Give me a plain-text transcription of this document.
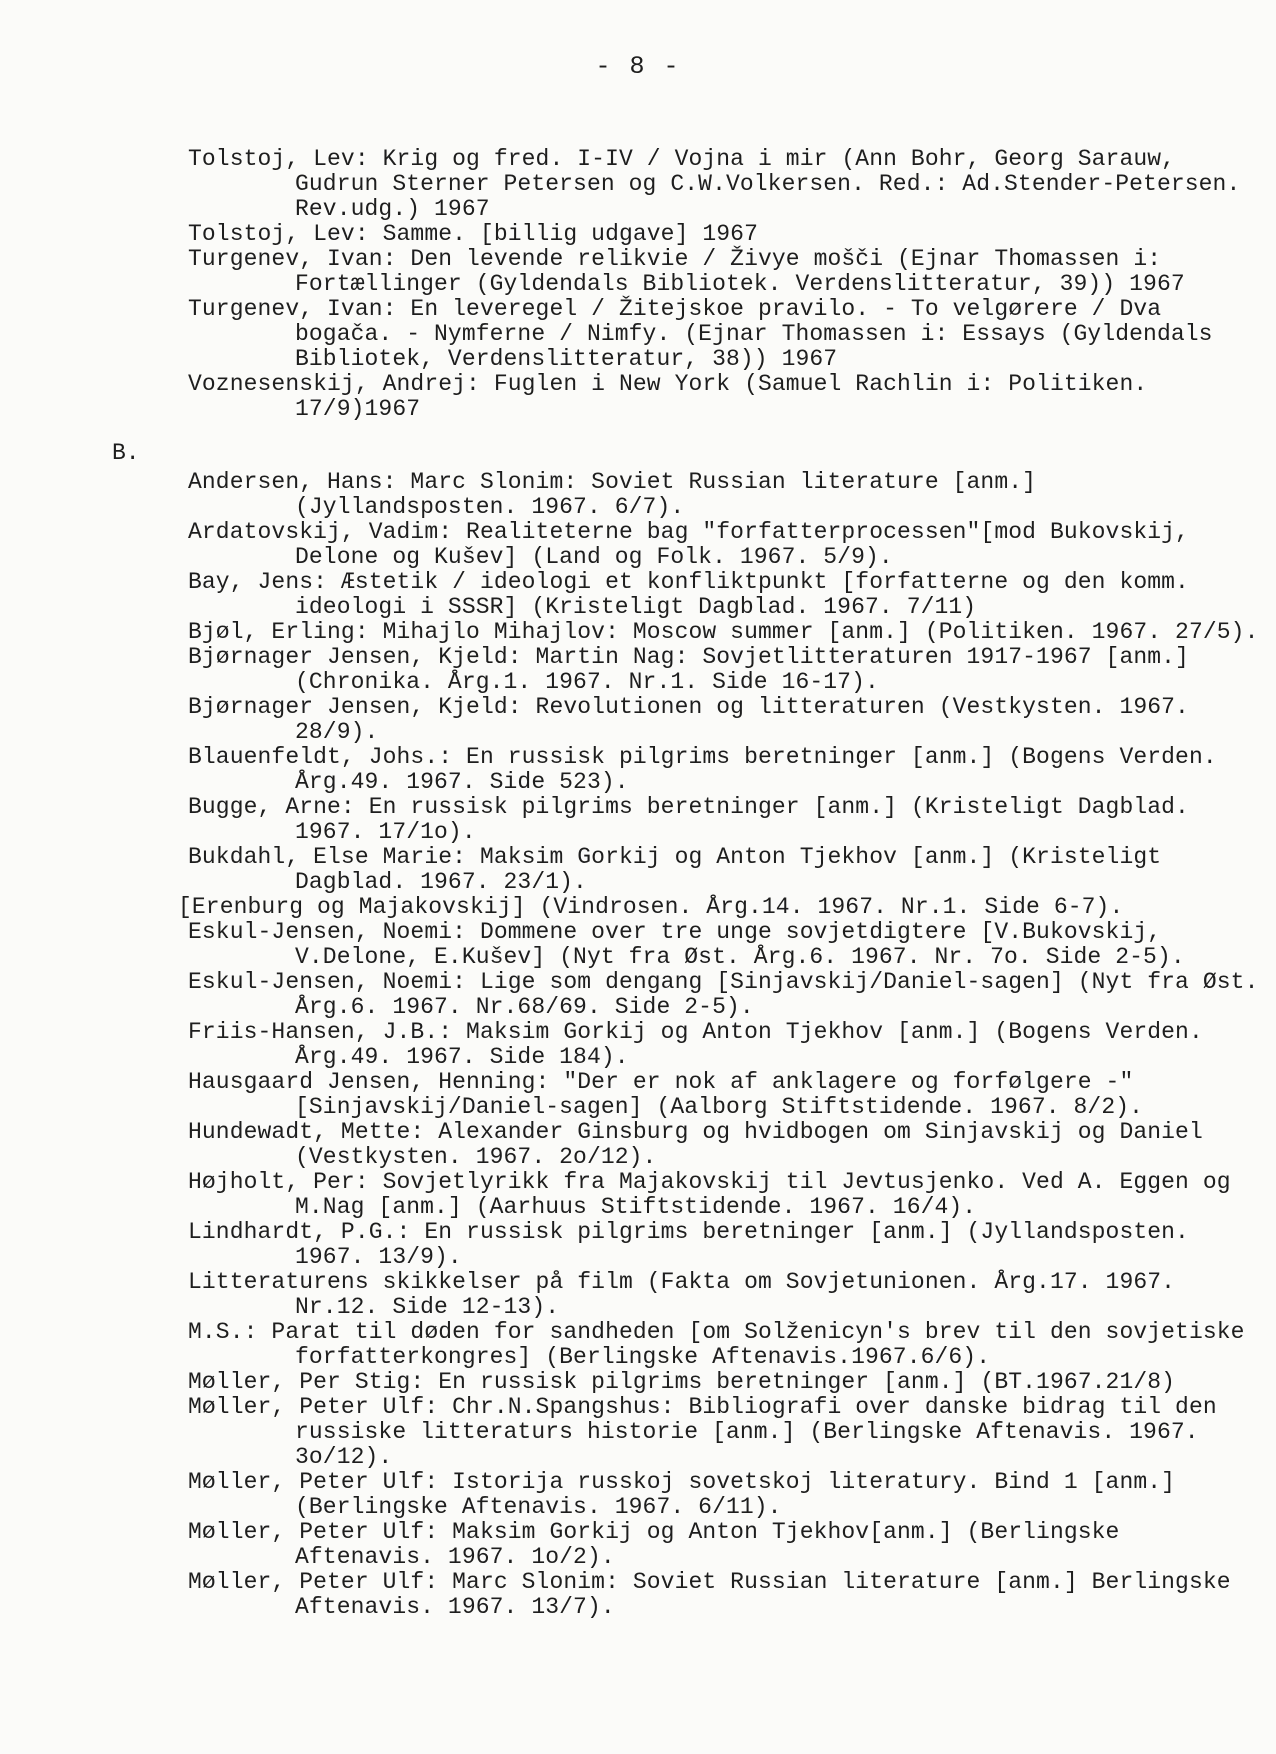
- 8 -
Tolstoj, Lev: Krig og fred. I-IV / Vojna i mir (Ann Bohr, Georg Sarauw, Gudrun Sterner Petersen og C.W.Volkersen. Red.: Ad.Stender-Petersen. Rev.udg.) 1967
Tolstoj, Lev: Samme. [billig udgave] 1967
Turgenev, Ivan: Den levende relikvie / Živye mošči (Ejnar Thomassen i: Fortællinger (Gyldendals Bibliotek. Verdenslitteratur, 39)) 1967
Turgenev, Ivan: En leveregel / Žitejskoe pravilo. - To velgørere / Dva bogača. - Nymferne / Nimfy. (Ejnar Thomassen i: Essays (Gyldendals Bibliotek, Verdenslitteratur, 38)) 1967
Voznesenskij, Andrej: Fuglen i New York (Samuel Rachlin i: Politiken. 17/9)1967
B.
Andersen, Hans: Marc Slonim: Soviet Russian literature [anm.] (Jyllandsposten. 1967. 6/7).
Ardatovskij, Vadim: Realiteterne bag "forfatterprocessen"[mod Bukovskij, Delone og Kušev] (Land og Folk. 1967. 5/9).
Bay, Jens: Æstetik / ideologi et konfliktpunkt [forfatterne og den komm. ideologi i SSSR] (Kristeligt Dagblad. 1967. 7/11)
Bjøl, Erling: Mihajlo Mihajlov: Moscow summer [anm.] (Politiken. 1967. 27/5).
Bjørnager Jensen, Kjeld: Martin Nag: Sovjetlitteraturen 1917-1967 [anm.] (Chronika. Årg.1. 1967. Nr.1. Side 16-17).
Bjørnager Jensen, Kjeld: Revolutionen og litteraturen (Vestkysten. 1967. 28/9).
Blauenfeldt, Johs.: En russisk pilgrims beretninger [anm.] (Bogens Verden. Årg.49. 1967. Side 523).
Bugge, Arne: En russisk pilgrims beretninger [anm.] (Kristeligt Dagblad. 1967. 17/1o).
Bukdahl, Else Marie: Maksim Gorkij og Anton Tjekhov [anm.] (Kristeligt Dagblad. 1967. 23/1).
[Erenburg og Majakovskij] (Vindrosen. Årg.14. 1967. Nr.1. Side 6-7).
Eskul-Jensen, Noemi: Dommene over tre unge sovjetdigtere [V.Bukovskij, V.Delone, E.Kušev] (Nyt fra Øst. Årg.6. 1967. Nr. 7o. Side 2-5).
Eskul-Jensen, Noemi: Lige som dengang [Sinjavskij/Daniel-sagen] (Nyt fra Øst. Årg.6. 1967. Nr.68/69. Side 2-5).
Friis-Hansen, J.B.: Maksim Gorkij og Anton Tjekhov [anm.] (Bogens Verden. Årg.49. 1967. Side 184).
Hausgaard Jensen, Henning: "Der er nok af anklagere og forfølgere -" [Sinjavskij/Daniel-sagen] (Aalborg Stiftstidende. 1967. 8/2).
Hundewadt, Mette: Alexander Ginsburg og hvidbogen om Sinjavskij og Daniel (Vestkysten. 1967. 2o/12).
Højholt, Per: Sovjetlyrikk fra Majakovskij til Jevtusjenko. Ved A. Eggen og M.Nag [anm.] (Aarhuus Stiftstidende. 1967. 16/4).
Lindhardt, P.G.: En russisk pilgrims beretninger [anm.] (Jyllandsposten. 1967. 13/9).
Litteraturens skikkelser på film (Fakta om Sovjetunionen. Årg.17. 1967. Nr.12. Side 12-13).
M.S.: Parat til døden for sandheden [om Solženicyn's brev til den sovjetiske forfatterkongres] (Berlingske Aftenavis.1967.6/6).
Møller, Per Stig: En russisk pilgrims beretninger [anm.] (BT.1967.21/8)
Møller, Peter Ulf: Chr.N.Spangshus: Bibliografi over danske bidrag til den russiske litteraturs historie [anm.] (Berlingske Aftenavis. 1967. 3o/12).
Møller, Peter Ulf: Istorija russkoj sovetskoj literatury. Bind 1 [anm.] (Berlingske Aftenavis. 1967. 6/11).
Møller, Peter Ulf: Maksim Gorkij og Anton Tjekhov[anm.] (Berlingske Aftenavis. 1967. 1o/2).
Møller, Peter Ulf: Marc Slonim: Soviet Russian literature [anm.] Berlingske Aftenavis. 1967. 13/7).
